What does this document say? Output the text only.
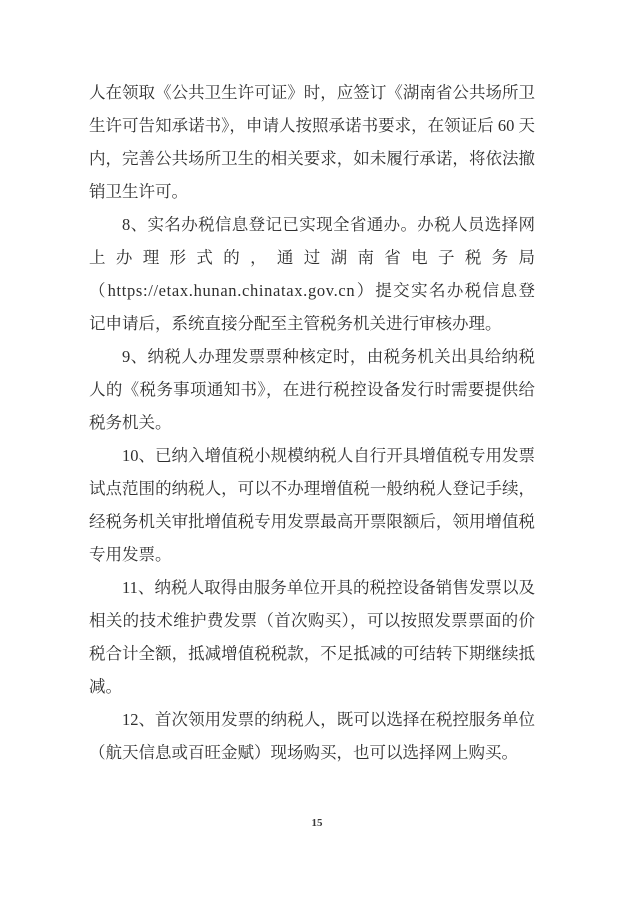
人在领取《公共卫生许可证》时，应签订《湖南省公共场所卫生许可告知承诺书》，申请人按照承诺书要求，在领证后 60 天内，完善公共场所卫生的相关要求，如未履行承诺，将依法撤销卫生许可。

8、实名办税信息登记已实现全省通办。办税人员选择网上办理形式的，通过湖南省电子税务局（https://etax.hunan.chinatax.gov.cn）提交实名办税信息登记申请后，系统直接分配至主管税务机关进行审核办理。

9、纳税人办理发票票种核定时，由税务机关出具给纳税人的《税务事项通知书》，在进行税控设备发行时需要提供给税务机关。

10、已纳入增值税小规模纳税人自行开具增值税专用发票试点范围的纳税人，可以不办理增值税一般纳税人登记手续，经税务机关审批增值税专用发票最高开票限额后，领用增值税专用发票。

11、纳税人取得由服务单位开具的税控设备销售发票以及相关的技术维护费发票（首次购买），可以按照发票票面的价税合计全额，抵减增值税税款，不足抵减的可结转下期继续抵减。

12、首次领用发票的纳税人，既可以选择在税控服务单位（航天信息或百旺金赋）现场购买，也可以选择网上购买。

15
